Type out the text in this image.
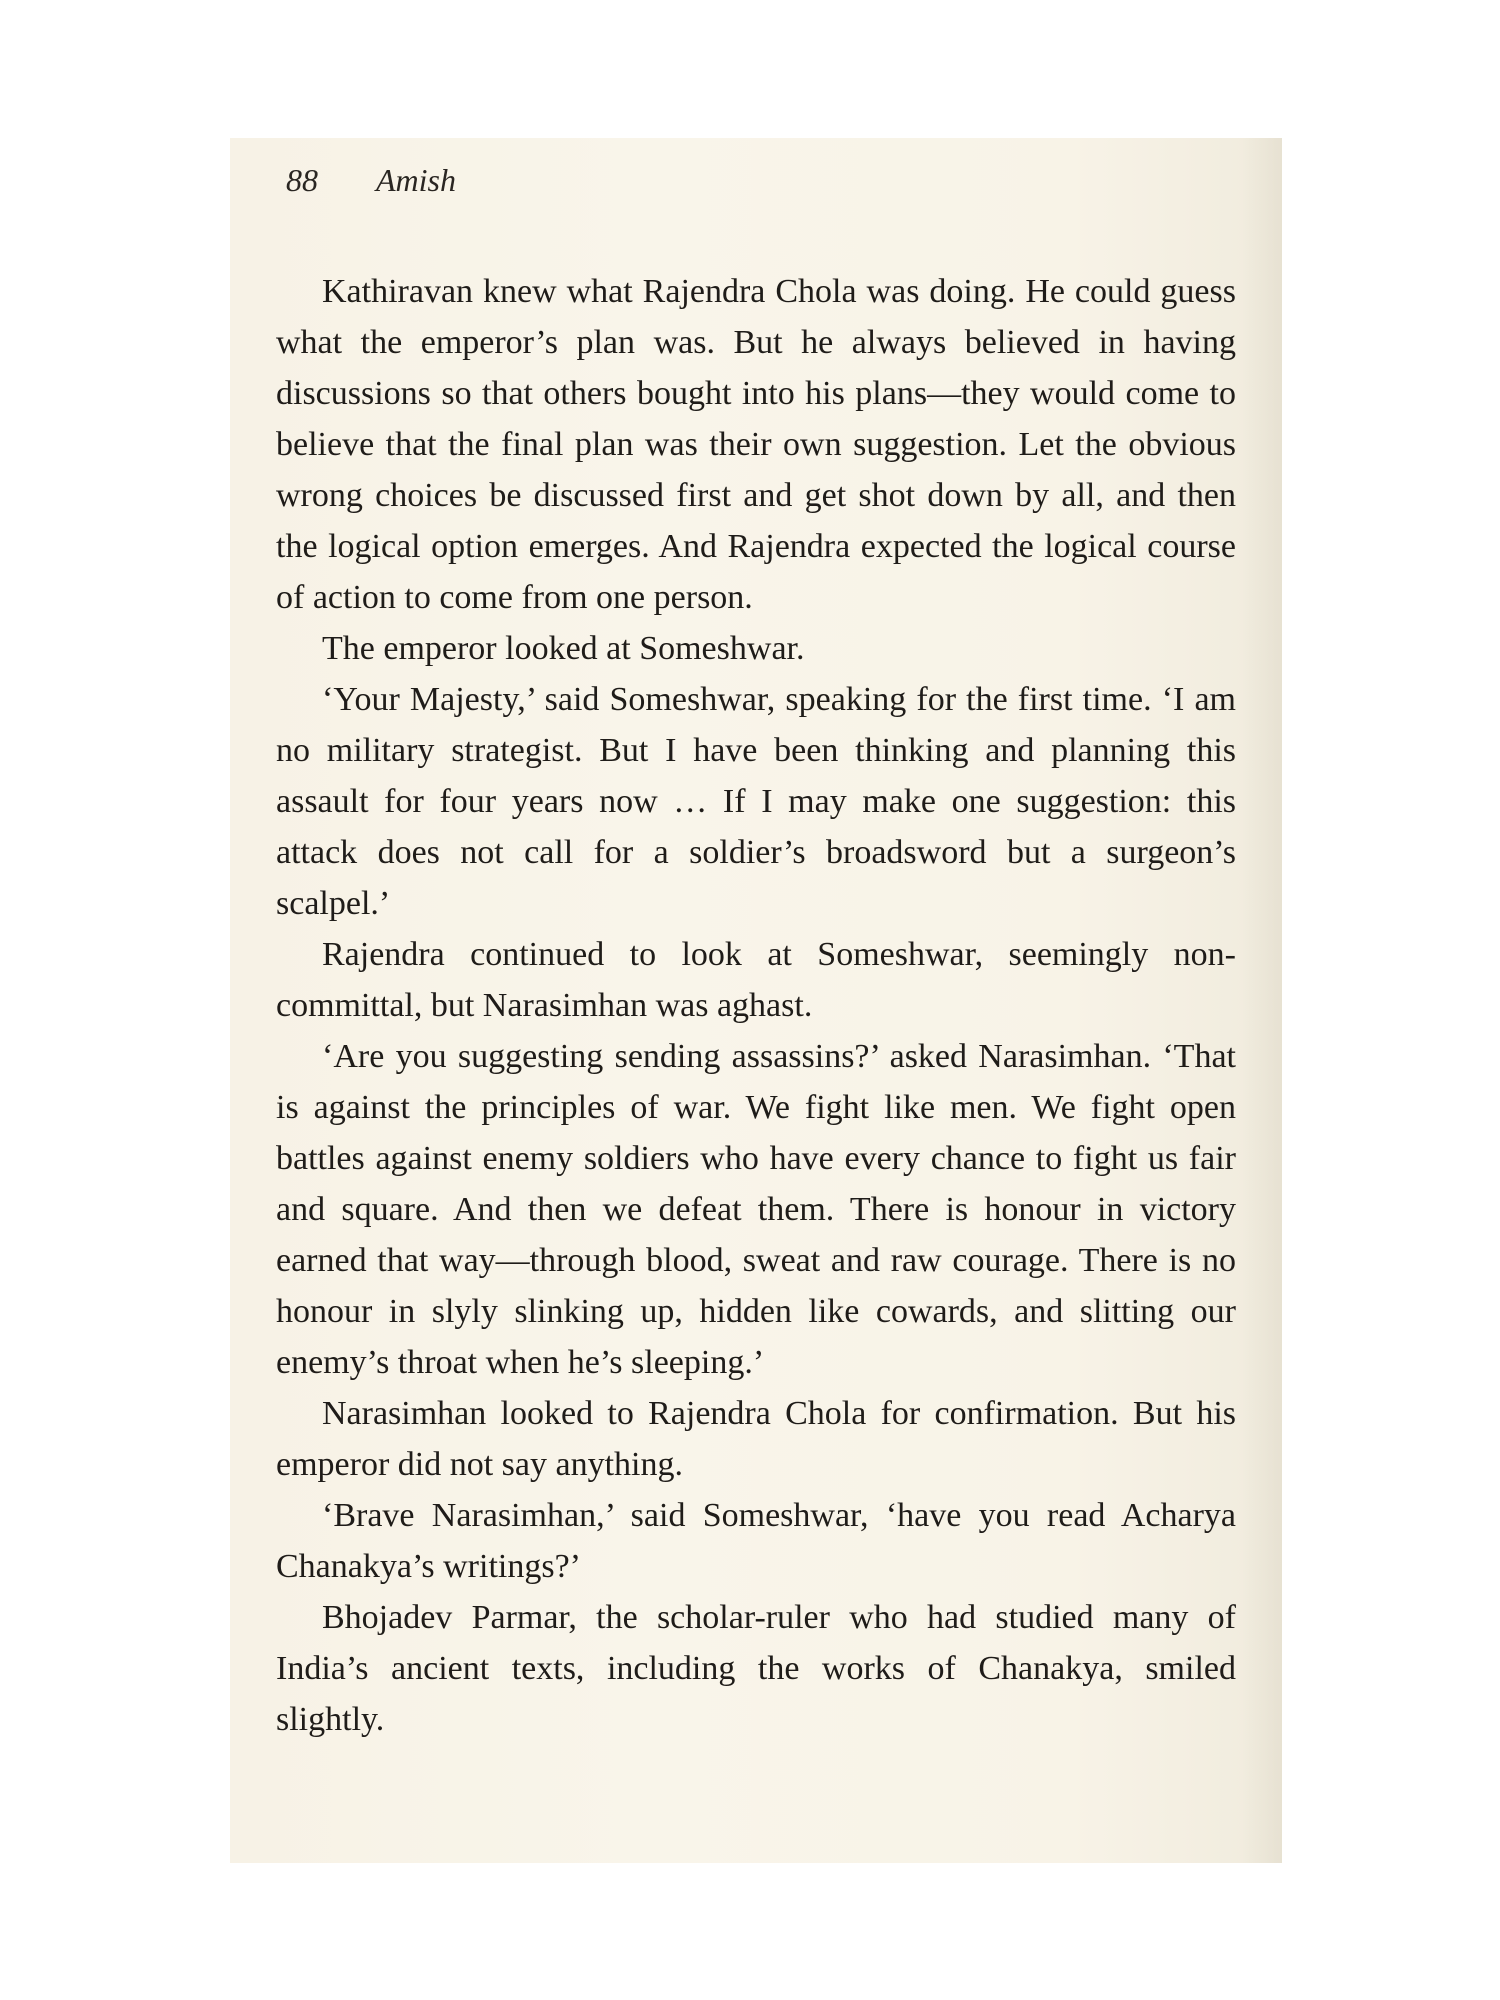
88 Amish

Kathiravan knew what Rajendra Chola was doing. He could guess what the emperor’s plan was. But he always believed in having discussions so that others bought into his plans—they would come to believe that the final plan was their own suggestion. Let the obvious wrong choices be discussed first and get shot down by all, and then the logical option emerges. And Rajendra expected the logical course of action to come from one person.

The emperor looked at Someshwar.

‘Your Majesty,’ said Someshwar, speaking for the first time. ‘I am no military strategist. But I have been thinking and planning this assault for four years now … If I may make one suggestion: this attack does not call for a soldier’s broadsword but a surgeon’s scalpel.’

Rajendra continued to look at Someshwar, seemingly non-committal, but Narasimhan was aghast.

‘Are you suggesting sending assassins?’ asked Narasimhan. ‘That is against the principles of war. We fight like men. We fight open battles against enemy soldiers who have every chance to fight us fair and square. And then we defeat them. There is honour in victory earned that way—through blood, sweat and raw courage. There is no honour in slyly slinking up, hidden like cowards, and slitting our enemy’s throat when he’s sleeping.’

Narasimhan looked to Rajendra Chola for confirmation. But his emperor did not say anything.

‘Brave Narasimhan,’ said Someshwar, ‘have you read Acharya Chanakya’s writings?’

Bhojadev Parmar, the scholar-ruler who had studied many of India’s ancient texts, including the works of Chanakya, smiled slightly.
